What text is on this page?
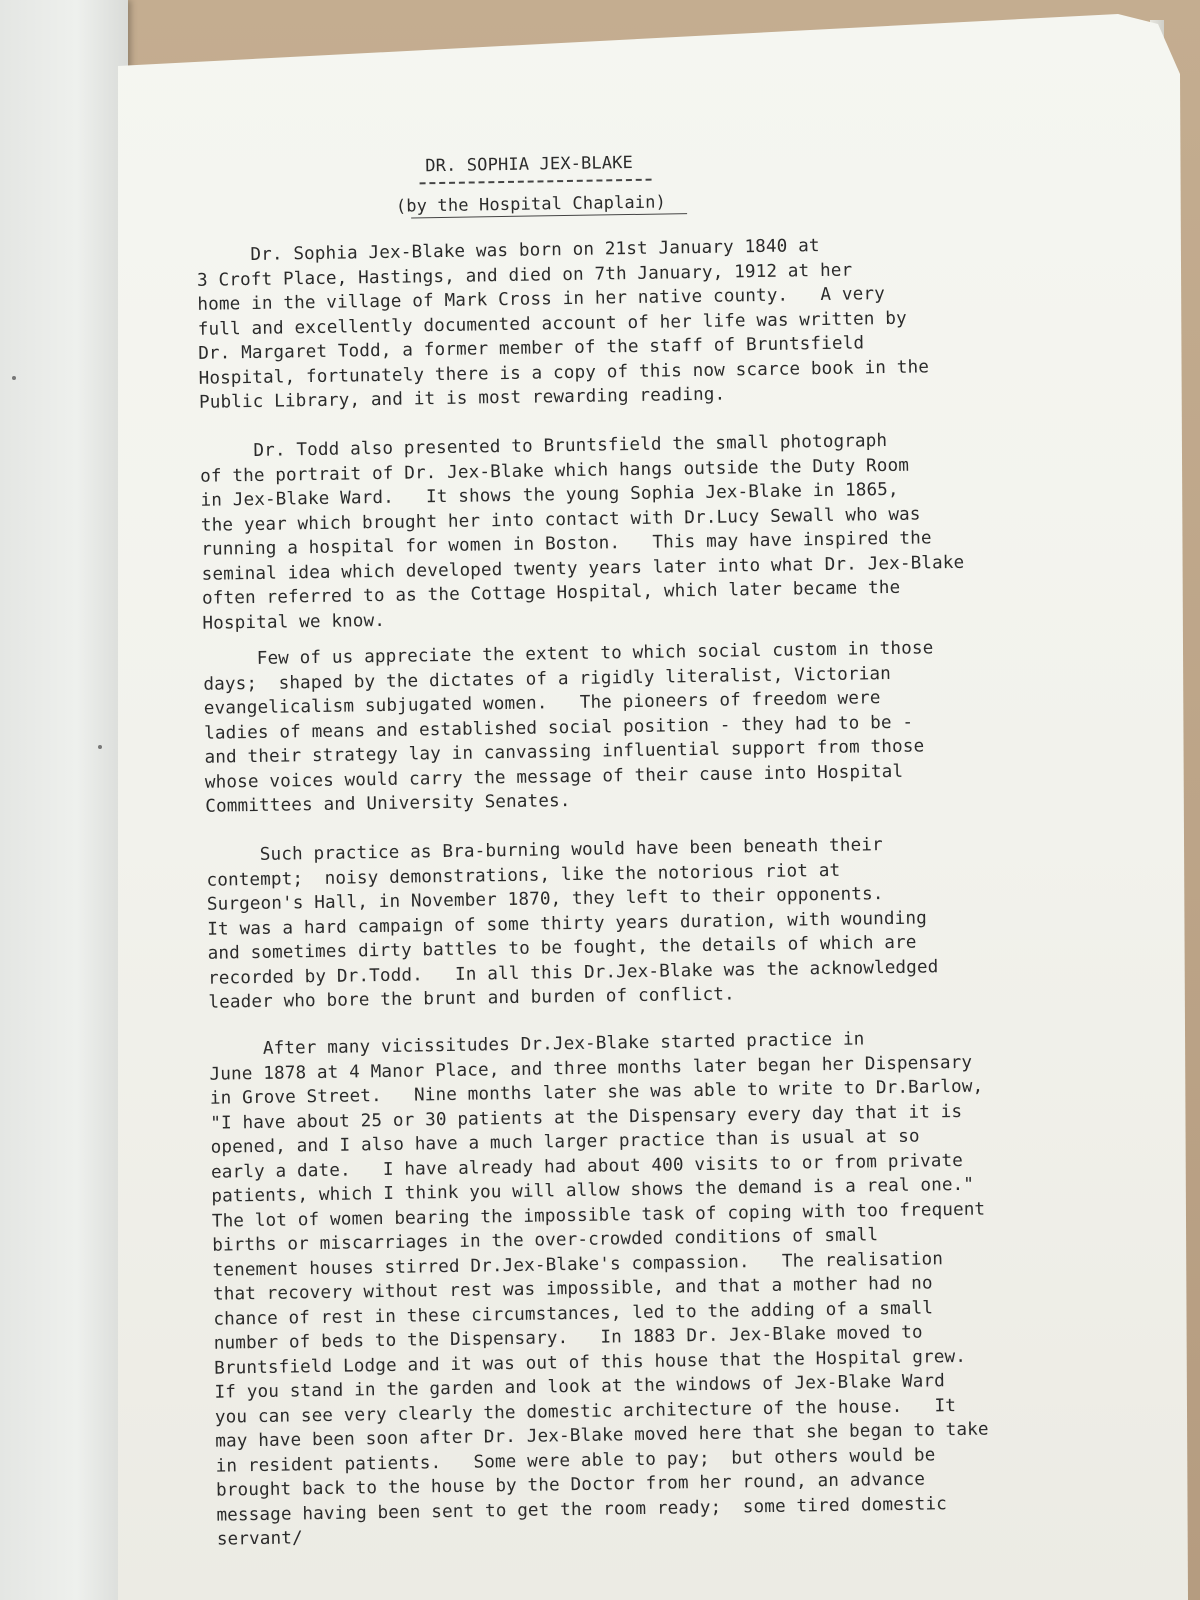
DR. SOPHIA JEX-BLAKE
(by the Hospital Chaplain)
Dr. Sophia Jex-Blake was born on 21st January 1840 at
3 Croft Place, Hastings, and died on 7th January, 1912 at her
home in the village of Mark Cross in her native county.   A very
full and excellently documented account of her life was written by
Dr. Margaret Todd, a former member of the staff of Bruntsfield
Hospital, fortunately there is a copy of this now scarce book in the
Public Library, and it is most rewarding reading.
Dr. Todd also presented to Bruntsfield the small photograph
of the portrait of Dr. Jex-Blake which hangs outside the Duty Room
in Jex-Blake Ward.   It shows the young Sophia Jex-Blake in 1865,
the year which brought her into contact with Dr.Lucy Sewall who was
running a hospital for women in Boston.   This may have inspired the
seminal idea which developed twenty years later into what Dr. Jex-Blake
often referred to as the Cottage Hospital, which later became the
Hospital we know.
Few of us appreciate the extent to which social custom in those
days;  shaped by the dictates of a rigidly literalist, Victorian
evangelicalism subjugated women.   The pioneers of freedom were
ladies of means and established social position - they had to be -
and their strategy lay in canvassing influential support from those
whose voices would carry the message of their cause into Hospital
Committees and University Senates.
Such practice as Bra-burning would have been beneath their
contempt;  noisy demonstrations, like the notorious riot at
Surgeon's Hall, in November 1870, they left to their opponents.
It was a hard campaign of some thirty years duration, with wounding
and sometimes dirty battles to be fought, the details of which are
recorded by Dr.Todd.   In all this Dr.Jex-Blake was the acknowledged
leader who bore the brunt and burden of conflict.
After many vicissitudes Dr.Jex-Blake started practice in
June 1878 at 4 Manor Place, and three months later began her Dispensary
in Grove Street.   Nine months later she was able to write to Dr.Barlow,
"I have about 25 or 30 patients at the Dispensary every day that it is
opened, and I also have a much larger practice than is usual at so
early a date.   I have already had about 400 visits to or from private
patients, which I think you will allow shows the demand is a real one."
The lot of women bearing the impossible task of coping with too frequent
births or miscarriages in the over-crowded conditions of small
tenement houses stirred Dr.Jex-Blake's compassion.   The realisation
that recovery without rest was impossible, and that a mother had no
chance of rest in these circumstances, led to the adding of a small
number of beds to the Dispensary.   In 1883 Dr. Jex-Blake moved to
Bruntsfield Lodge and it was out of this house that the Hospital grew.
If you stand in the garden and look at the windows of Jex-Blake Ward
you can see very clearly the domestic architecture of the house.   It
may have been soon after Dr. Jex-Blake moved here that she began to take
in resident patients.   Some were able to pay;  but others would be
brought back to the house by the Doctor from her round, an advance
message having been sent to get the room ready;  some tired domestic
servant/
